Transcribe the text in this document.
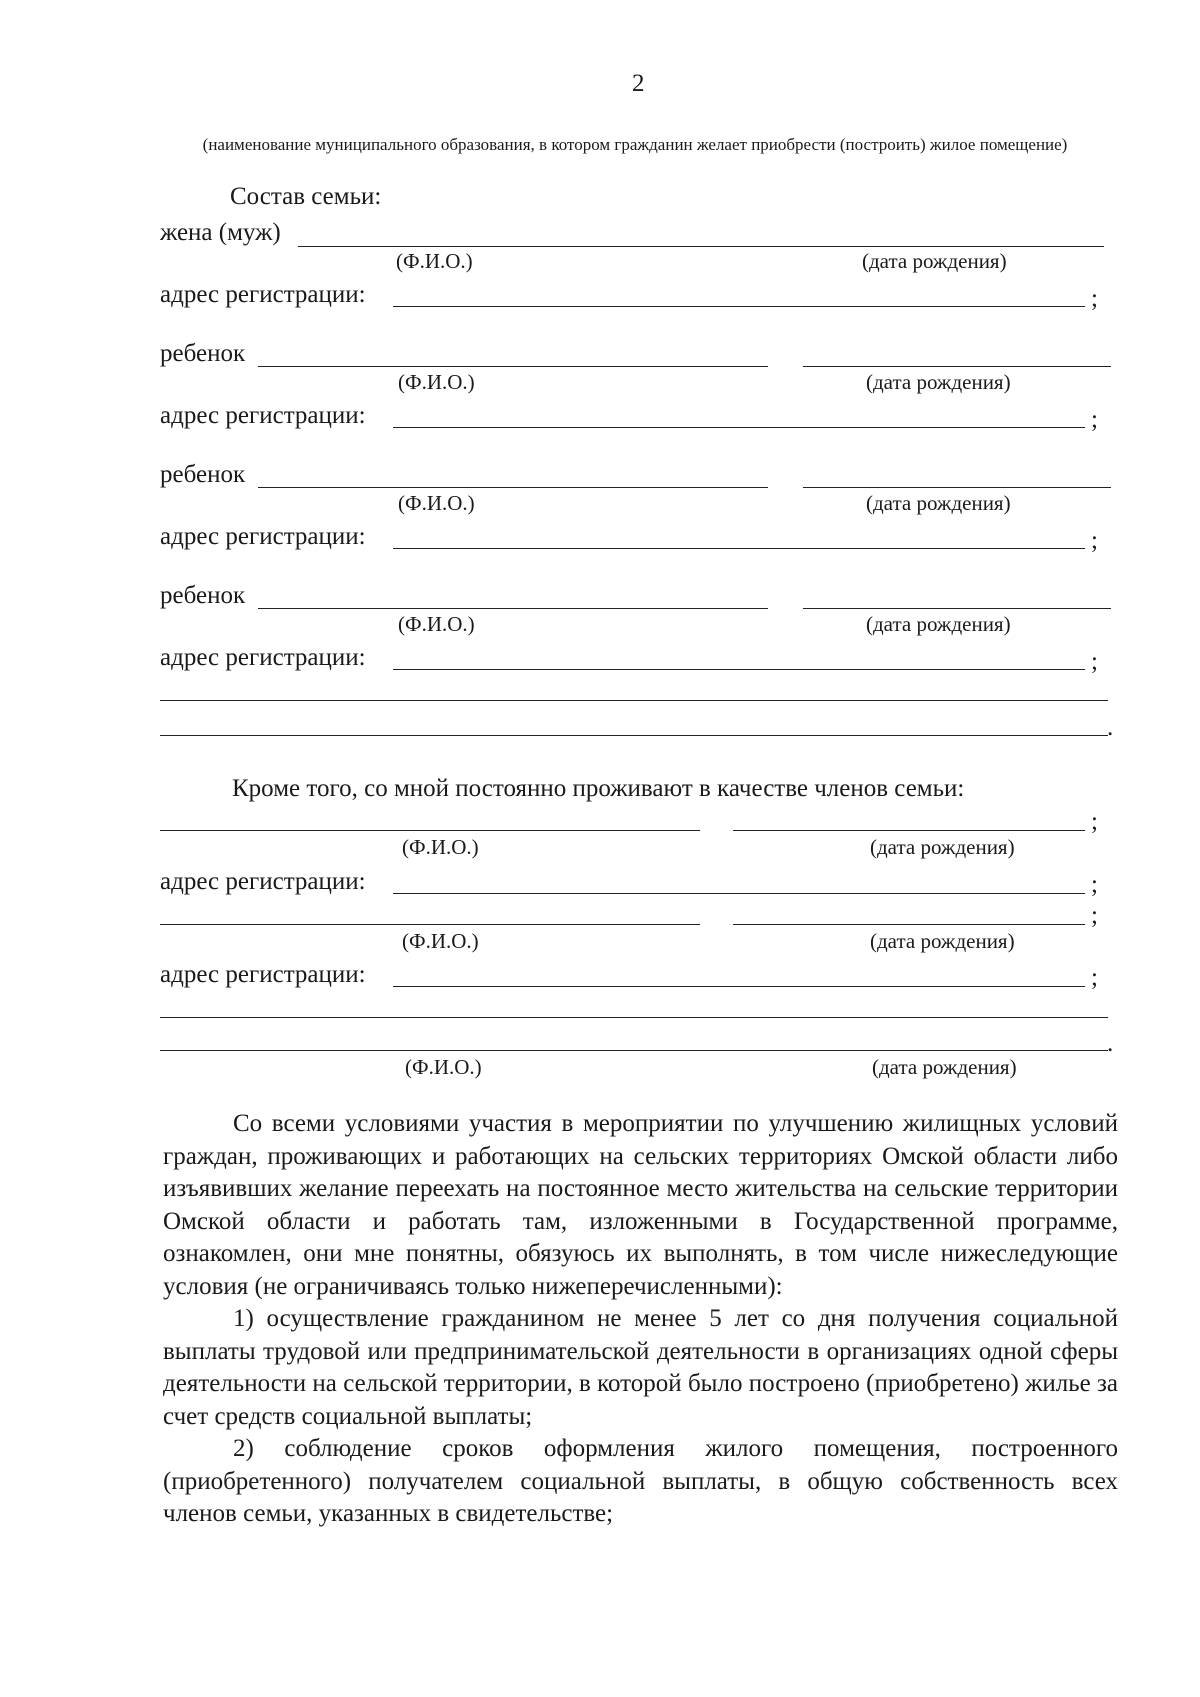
2
(наименование муниципального образования, в котором гражданин желает приобрести (построить) жилое помещение)
Состав семьи:
жена (муж)
(Ф.И.О.)	(дата рождения)
адрес регистрации:	;
ребенок
(Ф.И.О.)	(дата рождения)
адрес регистрации:	;
ребенок
(Ф.И.О.)	(дата рождения)
адрес регистрации:	;
ребенок
(Ф.И.О.)	(дата рождения)
адрес регистрации:	;
.
Кроме того, со мной постоянно проживают в качестве членов семьи:
;
(Ф.И.О.)	(дата рождения)
адрес регистрации:	;
;
(Ф.И.О.)	(дата рождения)
адрес регистрации:	;
.
(Ф.И.О.)	(дата рождения)

Со всеми условиями участия в мероприятии по улучшению жилищных условий граждан, проживающих и работающих на сельских территориях Омской области либо изъявивших желание переехать на постоянное место жительства на сельские территории Омской области и работать там, изложенными в Государственной программе, ознакомлен, они мне понятны, обязуюсь их выполнять, в том числе нижеследующие условия (не ограничиваясь только нижеперечисленными):

1) осуществление гражданином не менее 5 лет со дня получения социальной выплаты трудовой или предпринимательской деятельности в организациях одной сферы деятельности на сельской территории, в которой было построено (приобретено) жилье за счет средств социальной выплаты;

2) соблюдение сроков оформления жилого помещения, построенного (приобретенного) получателем социальной выплаты, в общую собственность всех членов семьи, указанных в свидетельстве;
